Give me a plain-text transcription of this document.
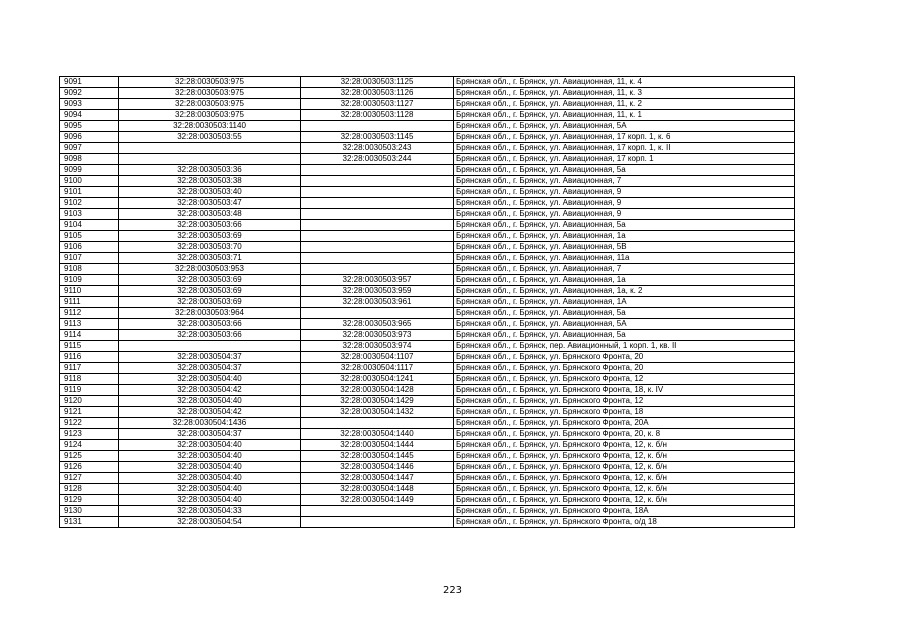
9091	32:28:0030503:975	32:28:0030503:1125	Брянская обл., г. Брянск, ул. Авиационная, 11, к. 4
9092	32:28:0030503:975	32:28:0030503:1126	Брянская обл., г. Брянск, ул. Авиационная, 11, к. 3
9093	32:28:0030503:975	32:28:0030503:1127	Брянская обл., г. Брянск, ул. Авиационная, 11, к. 2
9094	32:28:0030503:975	32:28:0030503:1128	Брянская обл., г. Брянск, ул. Авиационная, 11, к. 1
9095	32:28:0030503:1140		Брянская обл., г. Брянск, ул. Авиационная, 5А
9096	32:28:0030503:55	32:28:0030503:1145	Брянская обл., г. Брянск, ул. Авиационная, 17 корп. 1, к. 6
9097		32:28:0030503:243	Брянская обл., г. Брянск, ул. Авиационная, 17 корп. 1, к. II
9098		32:28:0030503:244	Брянская обл., г. Брянск, ул. Авиационная, 17 корп. 1
9099	32:28:0030503:36		Брянская обл., г. Брянск, ул. Авиационная, 5а
9100	32:28:0030503:38		Брянская обл., г. Брянск, ул. Авиационная, 7
9101	32:28:0030503:40		Брянская обл., г. Брянск, ул. Авиационная, 9
9102	32:28:0030503:47		Брянская обл., г. Брянск, ул. Авиационная, 9
9103	32:28:0030503:48		Брянская обл., г. Брянск, ул. Авиационная, 9
9104	32:28:0030503:66		Брянская обл., г. Брянск, ул. Авиационная, 5а
9105	32:28:0030503:69		Брянская обл., г. Брянск, ул. Авиационная, 1а
9106	32:28:0030503:70		Брянская обл., г. Брянск, ул. Авиационная, 5В
9107	32:28:0030503:71		Брянская обл., г. Брянск, ул. Авиационная, 11а
9108	32:28:0030503:953		Брянская обл., г. Брянск, ул. Авиационная, 7
9109	32:28:0030503:69	32:28:0030503:957	Брянская обл., г. Брянск, ул. Авиационная, 1а
9110	32:28:0030503:69	32:28:0030503:959	Брянская обл., г. Брянск, ул. Авиационная, 1а, к. 2
9111	32:28:0030503:69	32:28:0030503:961	Брянская обл., г. Брянск, ул. Авиационная, 1А
9112	32:28:0030503:964		Брянская обл., г. Брянск, ул. Авиационная, 5а
9113	32:28:0030503:66	32:28:0030503:965	Брянская обл., г. Брянск, ул. Авиационная, 5А
9114	32:28:0030503:66	32:28:0030503:973	Брянская обл., г. Брянск, ул. Авиационная, 5а
9115		32:28:0030503:974	Брянская обл., г. Брянск, пер. Авиационный, 1 корп. 1, кв. II
9116	32:28:0030504:37	32:28:0030504:1107	Брянская обл., г. Брянск, ул. Брянского Фронта, 20
9117	32:28:0030504:37	32:28:0030504:1117	Брянская обл., г. Брянск, ул. Брянского Фронта, 20
9118	32:28:0030504:40	32:28:0030504:1241	Брянская обл., г. Брянск, ул. Брянского Фронта, 12
9119	32:28:0030504:42	32:28:0030504:1428	Брянская обл., г. Брянск, ул. Брянского Фронта, 18, к. IV
9120	32:28:0030504:40	32:28:0030504:1429	Брянская обл., г. Брянск, ул. Брянского Фронта, 12
9121	32:28:0030504:42	32:28:0030504:1432	Брянская обл., г. Брянск, ул. Брянского Фронта, 18
9122	32:28:0030504:1436		Брянская обл., г. Брянск, ул. Брянского Фронта, 20А
9123	32:28:0030504:37	32:28:0030504:1440	Брянская обл., г. Брянск, ул. Брянского Фронта, 20, к. 8
9124	32:28:0030504:40	32:28:0030504:1444	Брянская обл., г. Брянск, ул. Брянского Фронта, 12, к. б/н
9125	32:28:0030504:40	32:28:0030504:1445	Брянская обл., г. Брянск, ул. Брянского Фронта, 12, к. б/н
9126	32:28:0030504:40	32:28:0030504:1446	Брянская обл., г. Брянск, ул. Брянского Фронта, 12, к. б/н
9127	32:28:0030504:40	32:28:0030504:1447	Брянская обл., г. Брянск, ул. Брянского Фронта, 12, к. б/н
9128	32:28:0030504:40	32:28:0030504:1448	Брянская обл., г. Брянск, ул. Брянского Фронта, 12, к. б/н
9129	32:28:0030504:40	32:28:0030504:1449	Брянская обл., г. Брянск, ул. Брянского Фронта, 12, к. б/н
9130	32:28:0030504:33		Брянская обл., г. Брянск, ул. Брянского Фронта, 18А
9131	32:28:0030504:54		Брянская обл., г. Брянск, ул. Брянского Фронта, о/д 18
223
